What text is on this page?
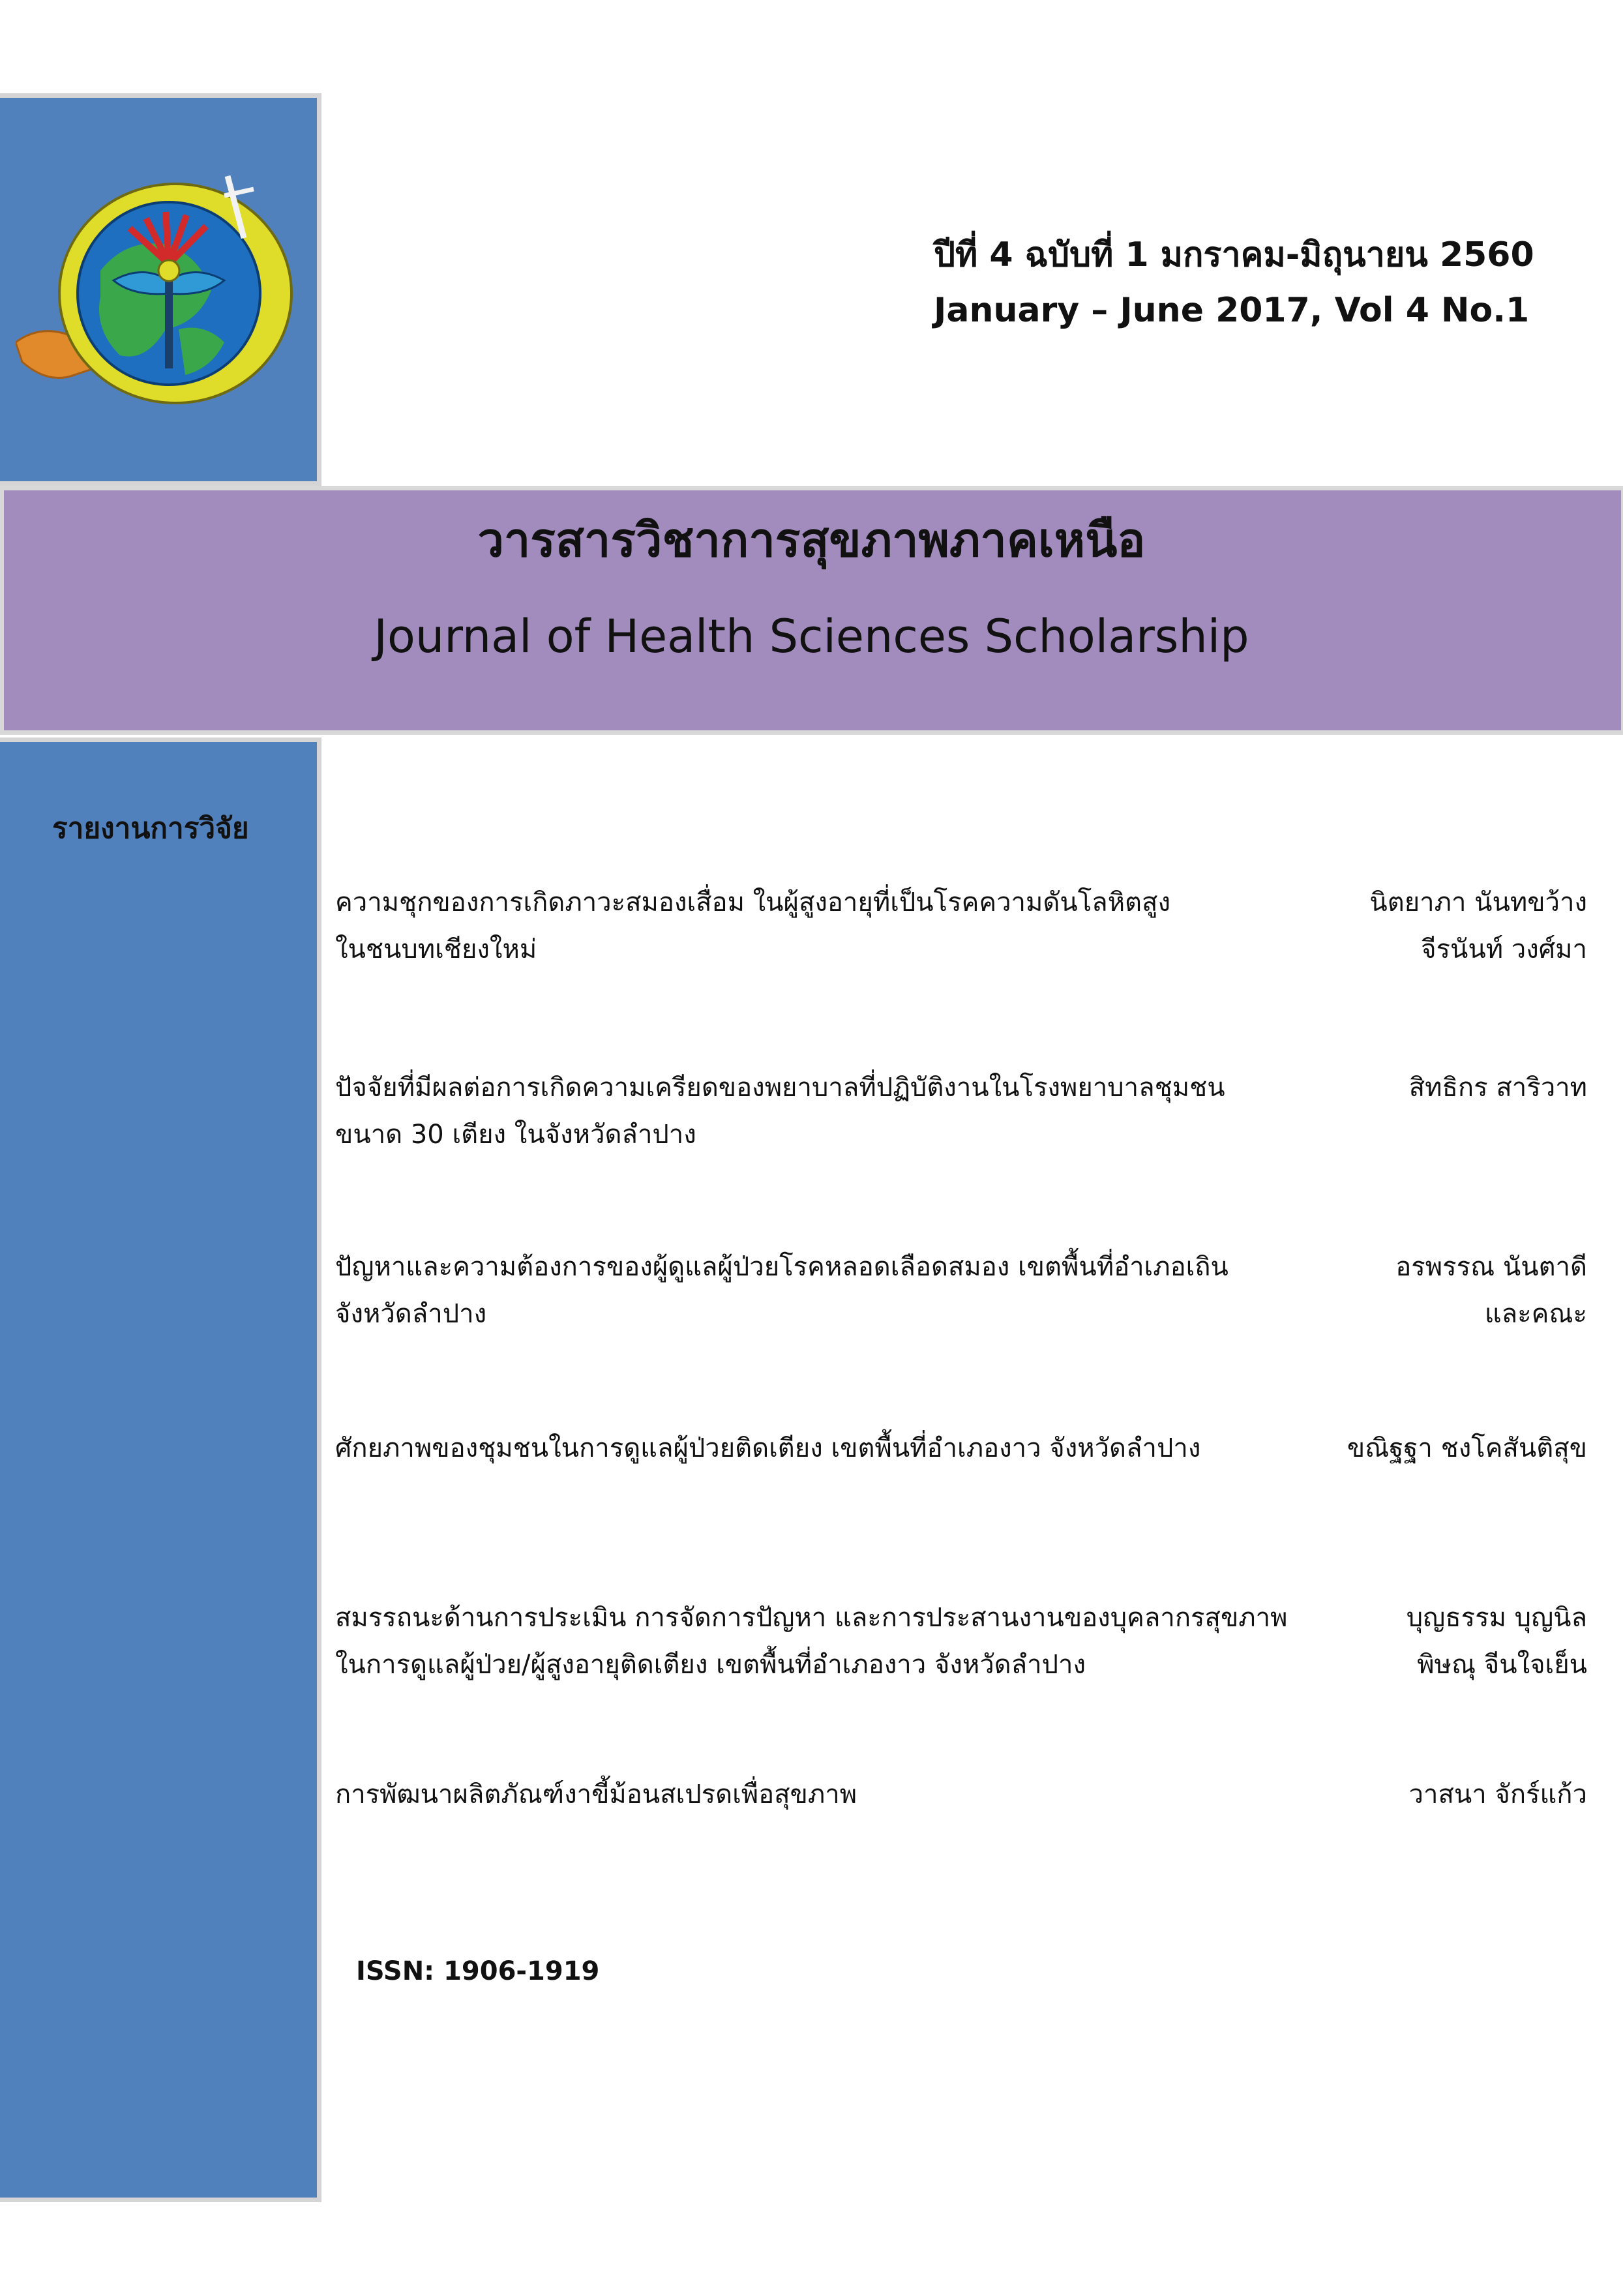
ปีที่ 4 ฉบับที่ 1 มกราคม-มิถุนายน 2560
January – June 2017, Vol 4 No.1
วารสารวิชาการสุขภาพภาคเหนือ
Journal of Health Sciences Scholarship
รายงานการวิจัย
ความชุกของการเกิดภาวะสมองเสื่อม ในผู้สูงอายุที่เป็นโรคความดันโลหิตสูง
ในชนบทเชียงใหม่
นิตยาภา นันทขว้าง
จีรนันท์ วงศ์มา
ปัจจัยที่มีผลต่อการเกิดความเครียดของพยาบาลที่ปฏิบัติงานในโรงพยาบาลชุมชน
ขนาด 30 เตียง ในจังหวัดลำปาง
สิทธิกร สาริวาท
ปัญหาและความต้องการของผู้ดูแลผู้ป่วยโรคหลอดเลือดสมอง เขตพื้นที่อำเภอเถิน
จังหวัดลำปาง
อรพรรณ นันตาดี
และคณะ
ศักยภาพของชุมชนในการดูแลผู้ป่วยติดเตียง เขตพื้นที่อำเภองาว จังหวัดลำปาง	ขณิฐฐา ชงโคสันติสุข
สมรรถนะด้านการประเมิน การจัดการปัญหา และการประสานงานของบุคลากรสุขภาพ
ในการดูแลผู้ป่วย/ผู้สูงอายุติดเตียง เขตพื้นที่อำเภองาว จังหวัดลำปาง
บุญธรรม บุญนิล
พิษณุ จีนใจเย็น
การพัฒนาผลิตภัณฑ์งาขี้ม้อนสเปรดเพื่อสุขภาพ	วาสนา จักร์แก้ว
ISSN: 1906-1919
